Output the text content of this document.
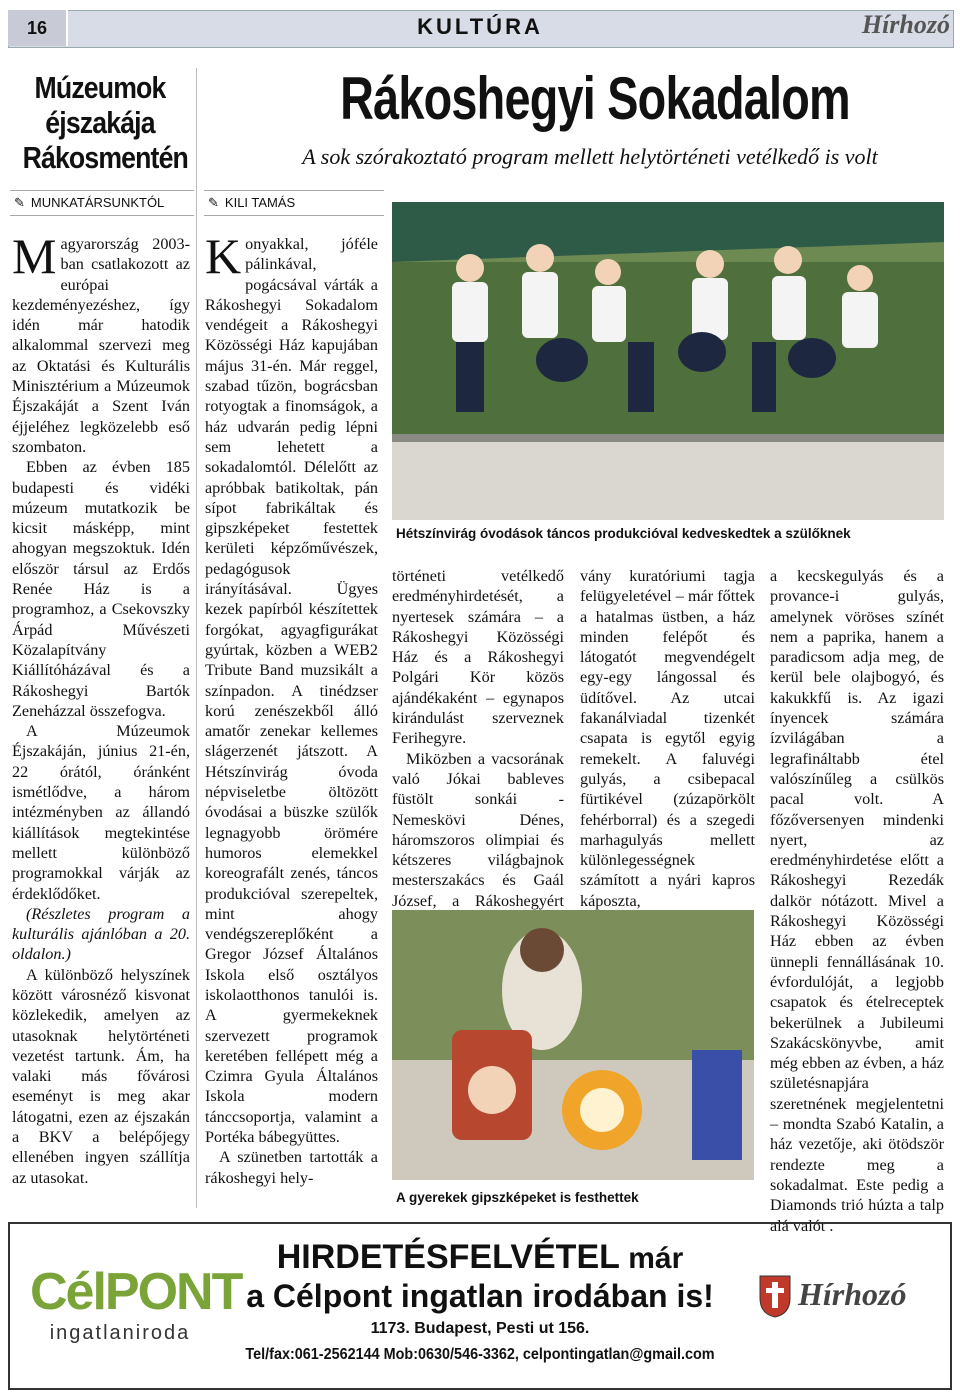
16	KULTÚRA	Hírhozó
Múzeumok éjszakája Rákosmentén
✎ MUNKATÁRSUNKTÓL

Magyarország 2003-ban csatlakozott az európai kezdeményezéshez, így idén már hatodik alkalommal szervezi meg az Oktatási és Kulturális Minisztérium a Múzeumok Éjszakáját a Szent Iván éjjeléhez legközelebb eső szombaton.

Ebben az évben 185 budapesti és vidéki múzeum mutatkozik be kicsit másképp, mint ahogyan megszoktuk. Idén először társul az Erdős Renée Ház is a programhoz, a Csekovszky Árpád Művészeti Közalapítvány Kiállítóházával és a Rákoshegyi Bartók Zeneházzal összefogva.

A Múzeumok Éjszakáján, június 21-én, 22 órától, óránként ismétlődve, a három intézményben az állandó kiállítások megtekintése mellett különböző programokkal várják az érdeklődőket.

(Részletes program a kulturális ajánlóban a 20. oldalon.)

A különböző helyszínek között városnéző kisvonat közlekedik, amelyen az utasoknak helytörténeti vezetést tartunk. Ám, ha valaki más fővárosi eseményt is meg akar látogatni, ezen az éjszakán a BKV a belépőjegy ellenében ingyen szállítja az utasokat.

Rákoshegyi Sokadalom
A sok szórakoztató program mellett helytörténeti vetélkedő is volt
✎ KILI TAMÁS

Konyakkal, jóféle pálinkával, pogácsával várták a Rákoshegyi Sokadalom vendégeit a Rákoshegyi Közösségi Ház kapujában május 31-én. Már reggel, szabad tűzön, bográcsban rotyogtak a finomságok, a ház udvarán pedig lépni sem lehetett a sokadalomtól. Délelőtt az apróbbak batikoltak, pán sípot fabrikáltak és gipszképeket festettek kerületi képzőművészek, pedagógusok irányításával. Ügyes kezek papírból készítettek forgókat, agyagfigurákat gyúrtak, közben a WEB2 Tribute Band muzsikált a színpadon. A tinédzser korú zenészekből álló amatőr zenekar kellemes slágerzenét játszott. A Hétszínvirág óvoda népviseletbe öltözött óvodásai a büszke szülők legnagyobb örömére humoros elemekkel koreografált zenés, táncos produkcióval szerepeltek, mint ahogy vendégszereplőként a Gregor József Általános Iskola első osztályos iskolaotthonos tanulói is. A gyermekeknek szervezett programok keretében fellépett még a Czimra Gyula Általános Iskola modern tánccsoportja, valamint a Portéka bábegyüttes.

A szünetben tartották a rákoshegyi hely-

Hétszínvirág óvodások táncos produkcióval kedveskedtek a szülőknek

történeti vetélkedő eredményhirdetését, a nyertesek számára – a Rákoshegyi Közösségi Ház és a Rákoshegyi Polgári Kör közös ajándékaként – egynapos kirándulást szerveznek Ferihegyre.

Miközben a vacsorának való Jókai bableves füstölt sonkái - Nemeskövi Dénes, háromszoros olimpiai és kétszeres világbajnok mesterszakács és Gaál József, a Rákoshegyért

vány kuratóriumi tagja felügyeletével – már főttek a hatalmas üstben, a ház minden felépőt és látogatót megvendégelt egy-egy lángossal és üdítővel. Az utcai fakanálviadal tizenkét csapata is egytől egyig remekelt. A faluvégi gulyás, a csibepacal fürtikével (zúzapörkölt fehérborral) és a szegedi marhagulyás mellett különlegességnek számított a nyári kapros káposzta,

a kecskegulyás és a provance-i gulyás, amelynek vöröses színét nem a paprika, hanem a paradicsom adja meg, de kerül bele olajbogyó, és kakukkfű is. Az igazi ínyencek számára ízvilágában a legrafináltabb étel valószínűleg a csülkös pacal volt. A főzőversenyen mindenki nyert, az eredményhirdetése előtt a Rákoshegyi Rezedák dalkör nótázott. Mivel a Rákoshegyi Közösségi Ház ebben az évben ünnepli fennállásának 10. évfordulóját, a legjobb csapatok és ételreceptek bekerülnek a Jubileumi Szakácskönyvbe, amit még ebben az évben, a ház születésnapjára szeretnének megjelentetni – mondta Szabó Katalin, a ház vezetője, aki ötödször rendezte meg a sokadalmat. Este pedig a Diamonds trió húzta a talp alá valót .

A gyerekek gipszképeket is festhettek
CélPONT
ingatlaniroda
HIRDETÉSFELVÉTEL már
a Célpont ingatlan irodában is!
1173. Budapest, Pesti ut 156.
Tel/fax:061-2562144 Mob:0630/546-3362, celpontingatlan@gmail.com
Hírhozó
